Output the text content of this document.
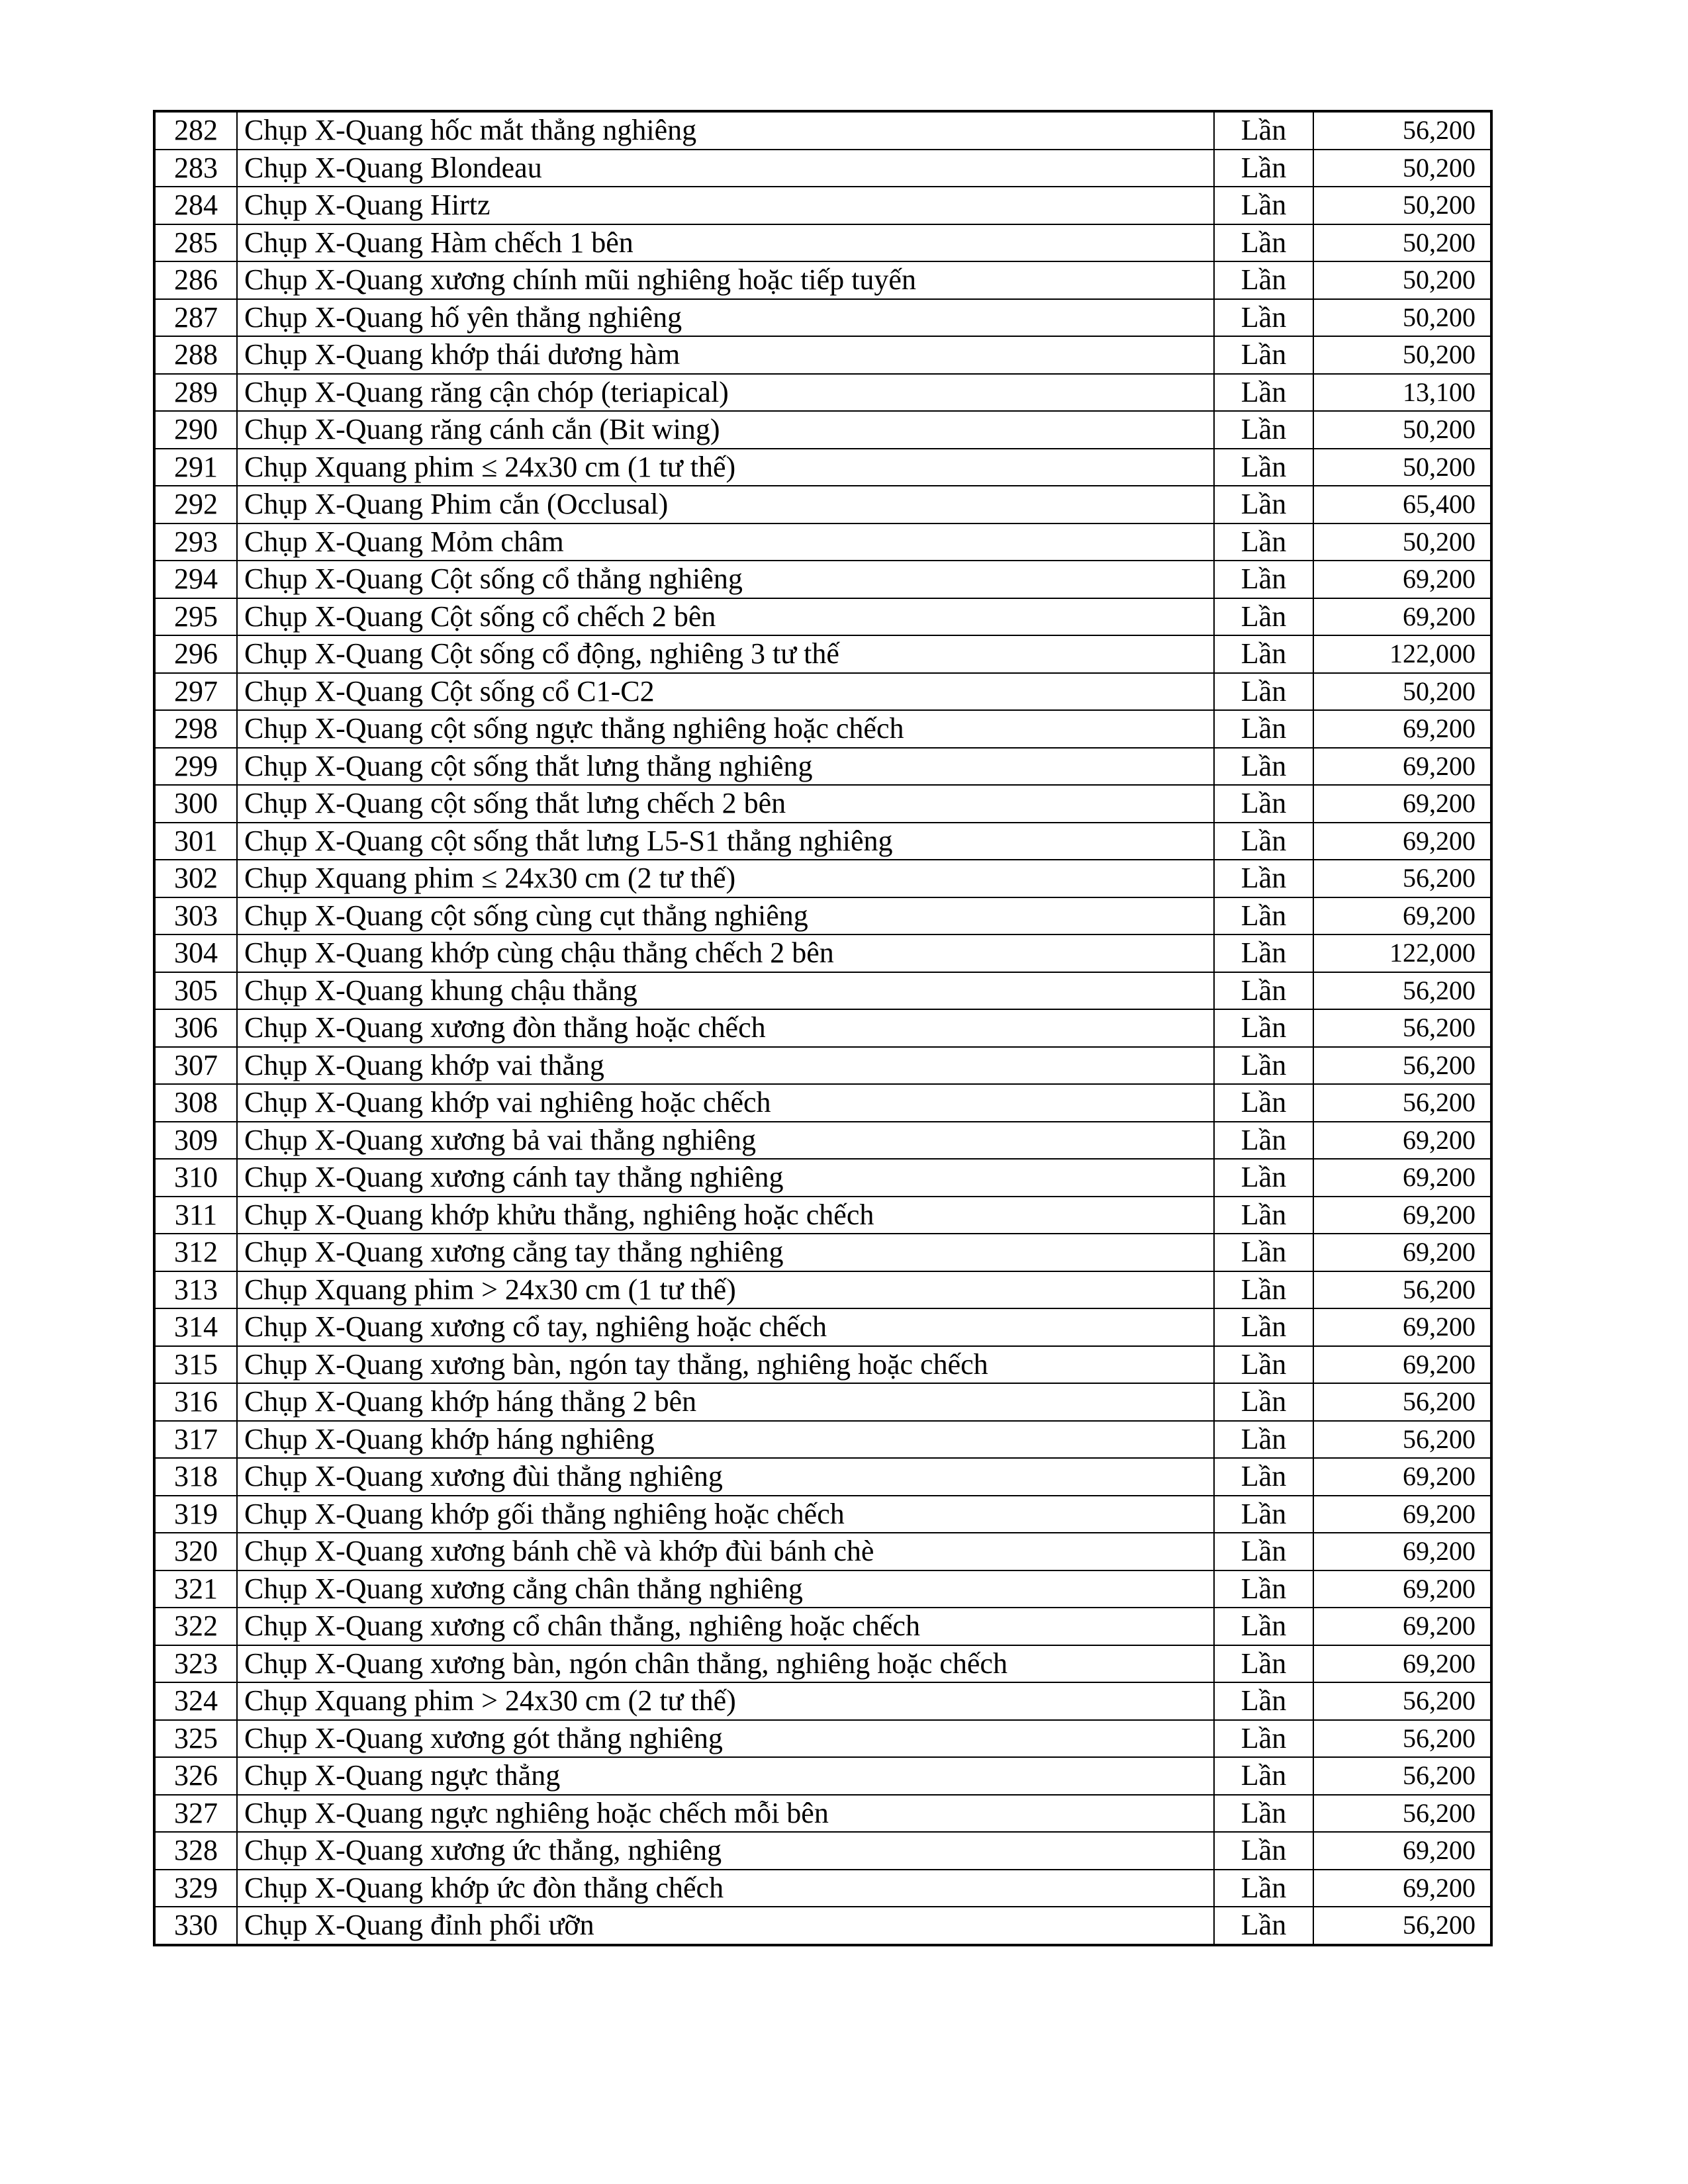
282	Chụp X-Quang hốc mắt thẳng nghiêng	Lần	56,200
283	Chụp X-Quang Blondeau	Lần	50,200
284	Chụp X-Quang Hirtz	Lần	50,200
285	Chụp X-Quang Hàm chếch 1 bên	Lần	50,200
286	Chụp X-Quang xương chính mũi nghiêng hoặc tiếp tuyến	Lần	50,200
287	Chụp X-Quang hố yên thẳng nghiêng	Lần	50,200
288	Chụp X-Quang khớp thái dương hàm	Lần	50,200
289	Chụp X-Quang răng cận chóp (teriapical)	Lần	13,100
290	Chụp X-Quang răng cánh cắn (Bit wing)	Lần	50,200
291	Chụp Xquang phim ≤ 24x30 cm (1 tư thế)	Lần	50,200
292	Chụp X-Quang Phim cắn (Occlusal)	Lần	65,400
293	Chụp X-Quang Mỏm châm	Lần	50,200
294	Chụp X-Quang Cột sống cổ thẳng nghiêng	Lần	69,200
295	Chụp X-Quang Cột sống cổ chếch 2 bên	Lần	69,200
296	Chụp X-Quang Cột sống cổ động, nghiêng 3 tư thế	Lần	122,000
297	Chụp X-Quang Cột sống cổ C1-C2	Lần	50,200
298	Chụp X-Quang cột sống ngực thẳng nghiêng hoặc chếch	Lần	69,200
299	Chụp X-Quang cột sống thắt lưng thẳng nghiêng	Lần	69,200
300	Chụp X-Quang cột sống thắt lưng chếch 2 bên	Lần	69,200
301	Chụp X-Quang cột sống thắt lưng L5-S1 thẳng nghiêng	Lần	69,200
302	Chụp Xquang phim ≤ 24x30 cm (2 tư thế)	Lần	56,200
303	Chụp X-Quang cột sống cùng cụt thẳng nghiêng	Lần	69,200
304	Chụp X-Quang khớp cùng chậu thẳng chếch 2 bên	Lần	122,000
305	Chụp X-Quang khung chậu thẳng	Lần	56,200
306	Chụp X-Quang xương đòn thẳng hoặc chếch	Lần	56,200
307	Chụp X-Quang khớp vai thẳng	Lần	56,200
308	Chụp X-Quang khớp vai nghiêng hoặc chếch	Lần	56,200
309	Chụp X-Quang xương bả vai thẳng nghiêng	Lần	69,200
310	Chụp X-Quang xương cánh tay thẳng nghiêng	Lần	69,200
311	Chụp X-Quang khớp khửu thẳng, nghiêng hoặc chếch	Lần	69,200
312	Chụp X-Quang xương cẳng tay thẳng nghiêng	Lần	69,200
313	Chụp Xquang phim > 24x30 cm (1 tư thế)	Lần	56,200
314	Chụp X-Quang xương cổ tay, nghiêng hoặc chếch	Lần	69,200
315	Chụp X-Quang xương bàn, ngón tay thẳng, nghiêng hoặc chếch	Lần	69,200
316	Chụp X-Quang khớp háng thẳng 2 bên	Lần	56,200
317	Chụp X-Quang khớp háng nghiêng	Lần	56,200
318	Chụp X-Quang xương đùi thẳng nghiêng	Lần	69,200
319	Chụp X-Quang khớp gối thẳng nghiêng hoặc chếch	Lần	69,200
320	Chụp X-Quang xương bánh chề và khớp đùi bánh chè	Lần	69,200
321	Chụp X-Quang xương cẳng chân thẳng nghiêng	Lần	69,200
322	Chụp X-Quang xương cổ chân thẳng, nghiêng hoặc chếch	Lần	69,200
323	Chụp X-Quang xương bàn, ngón chân thẳng, nghiêng hoặc chếch	Lần	69,200
324	Chụp Xquang phim > 24x30 cm (2 tư thế)	Lần	56,200
325	Chụp X-Quang xương gót thẳng nghiêng	Lần	56,200
326	Chụp X-Quang ngực thẳng	Lần	56,200
327	Chụp X-Quang ngực nghiêng hoặc chếch mỗi bên	Lần	56,200
328	Chụp X-Quang xương ức thẳng, nghiêng	Lần	69,200
329	Chụp X-Quang khớp ức đòn thẳng chếch	Lần	69,200
330	Chụp X-Quang đỉnh phổi ưỡn	Lần	56,200
